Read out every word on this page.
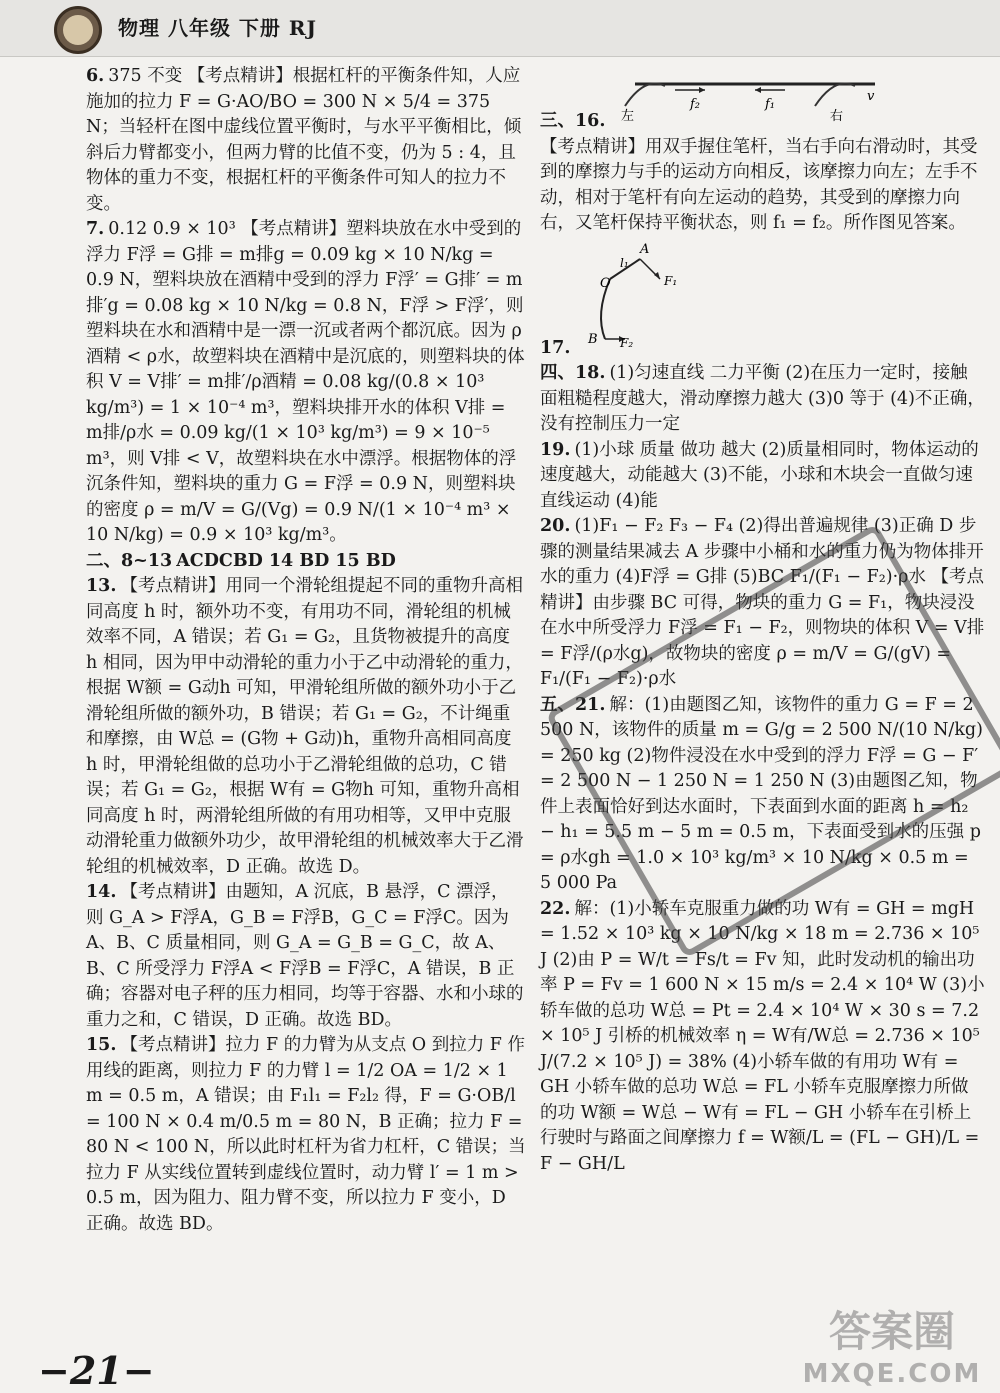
物理 八年级 下册 RJ

6. 375 不变 【考点精讲】根据杠杆的平衡条件知，人应施加的拉力 F = G·AO/BO = 300 N × 5/4 = 375 N；当轻杆在图中虚线位置平衡时，与水平平衡相比，倾斜后力臂都变小，但两力臂的比值不变，仍为 5 : 4，且物体的重力不变，根据杠杆的平衡条件可知人的拉力不变。

7. 0.12 0.9 × 10³ 【考点精讲】塑料块放在水中受到的浮力 F浮 = G排 = m排g = 0.09 kg × 10 N/kg = 0.9 N，塑料块放在酒精中受到的浮力 F浮′ = G排′ = m排′g = 0.08 kg × 10 N/kg = 0.8 N，F浮 > F浮′，则塑料块在水和酒精中是一漂一沉或者两个都沉底。因为 ρ酒精 < ρ水，故塑料块在酒精中是沉底的，则塑料块的体积 V = V排′ = m排′/ρ酒精 = 0.08 kg/(0.8 × 10³ kg/m³) = 1 × 10⁻⁴ m³，塑料块排开水的体积 V排 = m排/ρ水 = 0.09 kg/(1 × 10³ kg/m³) = 9 × 10⁻⁵ m³，则 V排 < V，故塑料块在水中漂浮。根据物体的浮沉条件知，塑料块的重力 G = F浮 = 0.9 N，则塑料块的密度 ρ = m/V = G/(Vg) = 0.9 N/(1 × 10⁻⁴ m³ × 10 N/kg) = 0.9 × 10³ kg/m³。

二、8~13 ACDCBD 14 BD 15 BD

13. 【考点精讲】用同一个滑轮组提起不同的重物升高相同高度 h 时，额外功不变，有用功不同，滑轮组的机械效率不同，A 错误；若 G₁ = G₂，且货物被提升的高度 h 相同，因为甲中动滑轮的重力小于乙中动滑轮的重力，根据 W额 = G动h 可知，甲滑轮组所做的额外功小于乙滑轮组所做的额外功，B 错误；若 G₁ = G₂，不计绳重和摩擦，由 W总 = (G物 + G动)h，重物升高相同高度 h 时，甲滑轮组做的总功小于乙滑轮组做的总功，C 错误；若 G₁ = G₂，根据 W有 = G物h 可知，重物升高相同高度 h 时，两滑轮组所做的有用功相等，又甲中克服动滑轮重力做额外功少，故甲滑轮组的机械效率大于乙滑轮组的机械效率，D 正确。故选 D。

14. 【考点精讲】由题知，A 沉底，B 悬浮，C 漂浮，则 G_A > F浮A，G_B = F浮B，G_C = F浮C。因为 A、B、C 质量相同，则 G_A = G_B = G_C，故 A、B、C 所受浮力 F浮A < F浮B = F浮C，A 错误，B 正确；容器对电子秤的压力相同，均等于容器、水和小球的重力之和，C 错误，D 正确。故选 BD。

15. 【考点精讲】拉力 F 的力臂为从支点 O 到拉力 F 作用线的距离，则拉力 F 的力臂 l = 1/2 OA = 1/2 × 1 m = 0.5 m，A 错误；由 F₁l₁ = F₂l₂ 得，F = G·OB/l = 100 N × 0.4 m/0.5 m = 80 N，B 正确；拉力 F = 80 N < 100 N，所以此时杠杆为省力杠杆，C 错误；当拉力 F 从实线位置转到虚线位置时，动力臂 l′ = 1 m > 0.5 m，因为阻力、阻力臂不变，所以拉力 F 变小，D 正确。故选 BD。

三、16.
f₂	f₁
左	右
v

【考点精讲】用双手握住笔杆，当右手向右滑动时，其受到的摩擦力与手的运动方向相反，该摩擦力向左；左手不动，相对于笔杆有向左运动的趋势，其受到的摩擦力向右，又笔杆保持平衡状态，则 f₁ = f₂。所作图见答案。

17.
A
O
B
l₁
F₁
F₂

四、18. (1)匀速直线 二力平衡 (2)在压力一定时，接触面粗糙程度越大，滑动摩擦力越大 (3)0 等于 (4)不正确，没有控制压力一定

19. (1)小球 质量 做功 越大 (2)质量相同时，物体运动的速度越大，动能越大 (3)不能，小球和木块会一直做匀速直线运动 (4)能

20. (1)F₁ − F₂ F₃ − F₄ (2)得出普遍规律 (3)正确 D 步骤的测量结果减去 A 步骤中小桶和水的重力仍为物体排开水的重力 (4)F浮 = G排 (5)BC F₁/(F₁ − F₂)·ρ水 【考点精讲】由步骤 BC 可得，物块的重力 G = F₁，物块浸没在水中所受浮力 F浮 = F₁ − F₂，则物块的体积 V = V排 = F浮/(ρ水g)，故物块的密度 ρ = m/V = G/(gV) = F₁/(F₁ − F₂)·ρ水

五、21. 解：(1)由题图乙知，该物件的重力 G = F = 2 500 N，该物件的质量 m = G/g = 2 500 N/(10 N/kg) = 250 kg (2)物件浸没在水中受到的浮力 F浮 = G − F′ = 2 500 N − 1 250 N = 1 250 N (3)由题图乙知，物件上表面恰好到达水面时，下表面到水面的距离 h = h₂ − h₁ = 5.5 m − 5 m = 0.5 m，下表面受到水的压强 p = ρ水gh = 1.0 × 10³ kg/m³ × 10 N/kg × 0.5 m = 5 000 Pa

22. 解：(1)小轿车克服重力做的功 W有 = GH = mgH = 1.52 × 10³ kg × 10 N/kg × 18 m = 2.736 × 10⁵ J (2)由 P = W/t = Fs/t = Fv 知，此时发动机的输出功率 P = Fv = 1 600 N × 15 m/s = 2.4 × 10⁴ W (3)小轿车做的总功 W总 = Pt = 2.4 × 10⁴ W × 30 s = 7.2 × 10⁵ J 引桥的机械效率 η = W有/W总 = 2.736 × 10⁵ J/(7.2 × 10⁵ J) = 38% (4)小轿车做的有用功 W有 = GH 小轿车做的总功 W总 = FL 小轿车克服摩擦力所做的功 W额 = W总 − W有 = FL − GH 小轿车在引桥上行驶时与路面之间摩擦力 f = W额/L = (FL − GH)/L = F − GH/L

−21−
答案圈
MXQE.COM
